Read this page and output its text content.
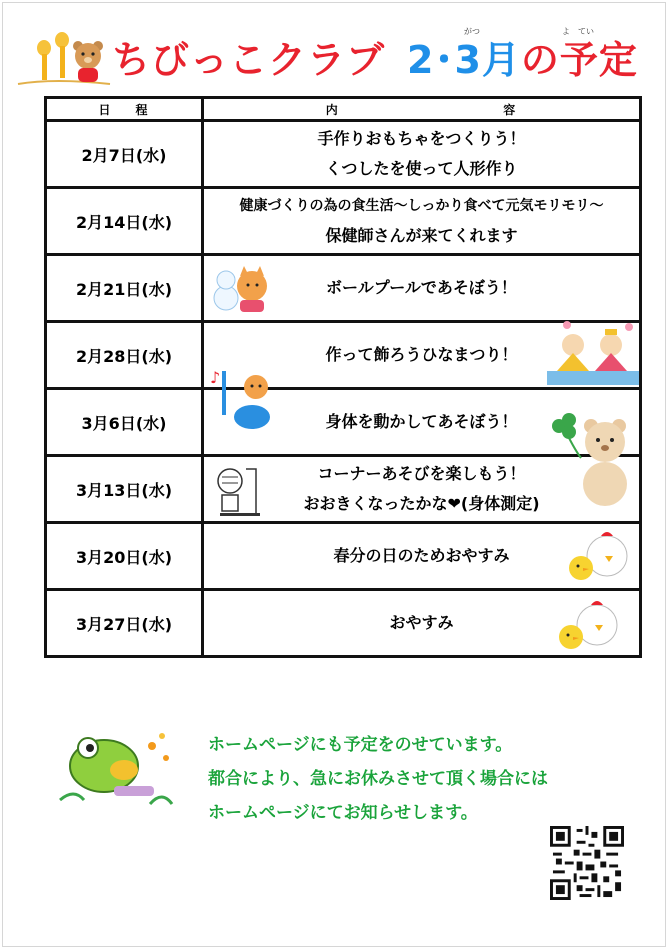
ちびっこクラブ 2･3月の予定
がつ	よ　てい
日 程	内 容

2月7日(水)	手作りおもちゃをつくりう！
くつしたを使って人形作り

2月14日(水)	健康づくりの為の食生活～しっかり食べて元気モリモリ～
保健師さんが来てくれます

2月21日(水)	ボールプールであそぼう！

2月28日(水)	♪
作って飾ろうひなまつり！

3月6日(水)	身体を動かしてあそぼう！

3月13日(水)	コーナーあそびを楽しもう！
おおきくなったかな❤(身体測定)

3月20日(水)	春分の日のためおやすみ

3月27日(水)	おやすみ
ホームページにも予定をのせています。
都合により、急にお休みさせて頂く場合には
ホームページにてお知らせします。
